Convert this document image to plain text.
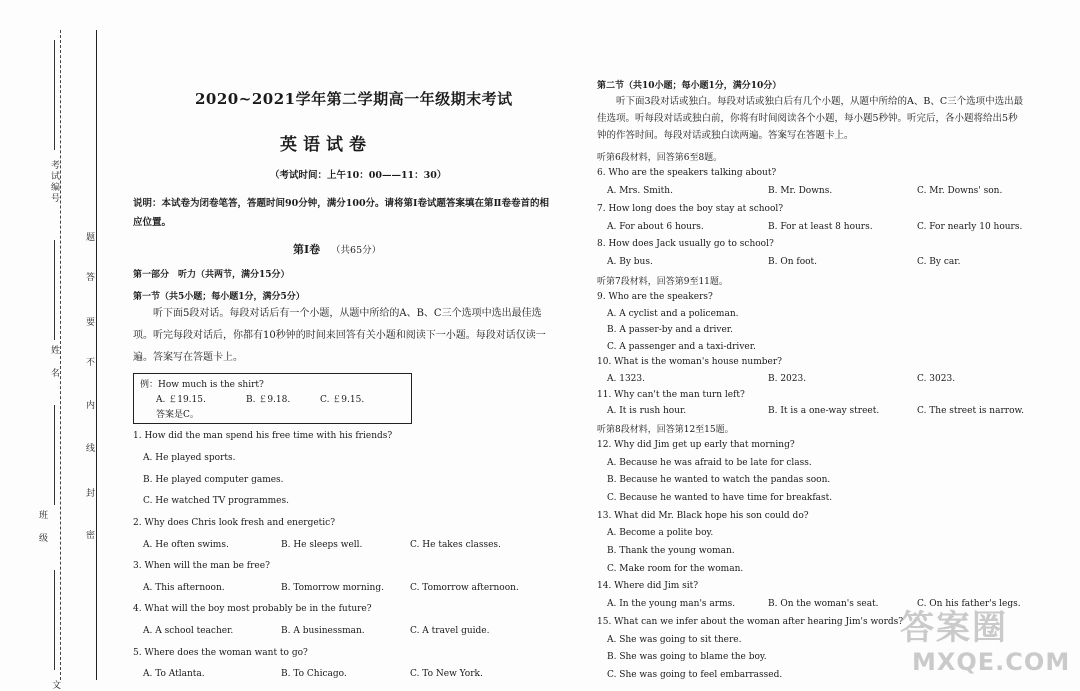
考试编号
姓名
班级
题
答
要
不
内
线
封
密
文
2020~2021学年第二学期高一年级期末考试
英语试卷
（考试时间：上午10：00——11：30）
说明：本试卷为闭卷笔答，答题时间90分钟，满分100分。请将第Ⅰ卷试题答案填在第Ⅱ卷卷首的相应位置。
第Ⅰ卷 （共65分）
第一部分　听力（共两节，满分15分）
第一节（共5小题；每小题1分，满分5分）
听下面5段对话。每段对话后有一个小题，从题中所给的A、B、C三个选项中选出最佳选项。听完每段对话后，你都有10秒钟的时间来回答有关小题和阅读下一小题。每段对话仅读一遍。答案写在答题卡上。
例：How much is the shirt?
A. ￡19.15.	B. ￡9.18.	C. ￡9.15.
答案是C。
1. How did the man spend his free time with his friends?
A. He played sports.
B. He played computer games.
C. He watched TV programmes.
2. Why does Chris look fresh and energetic?
A. He often swims.	B. He sleeps well.	C. He takes classes.
3. When will the man be free?
A. This afternoon.	B. Tomorrow morning.	C. Tomorrow afternoon.
4. What will the boy most probably be in the future?
A. A school teacher.	B. A businessman.	C. A travel guide.
5. Where does the woman want to go?
A. To Atlanta.	B. To Chicago.	C. To New York.
第二节（共10小题；每小题1分，满分10分）
听下面3段对话或独白。每段对话或独白后有几个小题，从题中所给的A、B、C三个选项中选出最佳选项。听每段对话或独白前，你将有时间阅读各个小题，每小题5秒钟。听完后，各小题将给出5秒钟的作答时间。每段对话或独白读两遍。答案写在答题卡上。
听第6段材料，回答第6至8题。
6. Who are the speakers talking about?
A. Mrs. Smith.	B. Mr. Downs.	C. Mr. Downs' son.
7. How long does the boy stay at school?
A. For about 6 hours.	B. For at least 8 hours.	C. For nearly 10 hours.
8. How does Jack usually go to school?
A. By bus.	B. On foot.	C. By car.
听第7段材料，回答第9至11题。
9. Who are the speakers?
A. A cyclist and a policeman.
B. A passer-by and a driver.
C. A passenger and a taxi-driver.
10. What is the woman's house number?
A. 1323.	B. 2023.	C. 3023.
11. Why can't the man turn left?
A. It is rush hour.	B. It is a one-way street.	C. The street is narrow.
听第8段材料，回答第12至15题。
12. Why did Jim get up early that morning?
A. Because he was afraid to be late for class.
B. Because he wanted to watch the pandas soon.
C. Because he wanted to have time for breakfast.
13. What did Mr. Black hope his son could do?
A. Become a polite boy.
B. Thank the young woman.
C. Make room for the woman.
14. Where did Jim sit?
A. In the young man's arms.	B. On the woman's seat.	C. On his father's legs.
15. What can we infer about the woman after hearing Jim's words?
A. She was going to sit there.
B. She was going to blame the boy.
C. She was going to feel embarrassed.
答案圈
MXQE.COM
